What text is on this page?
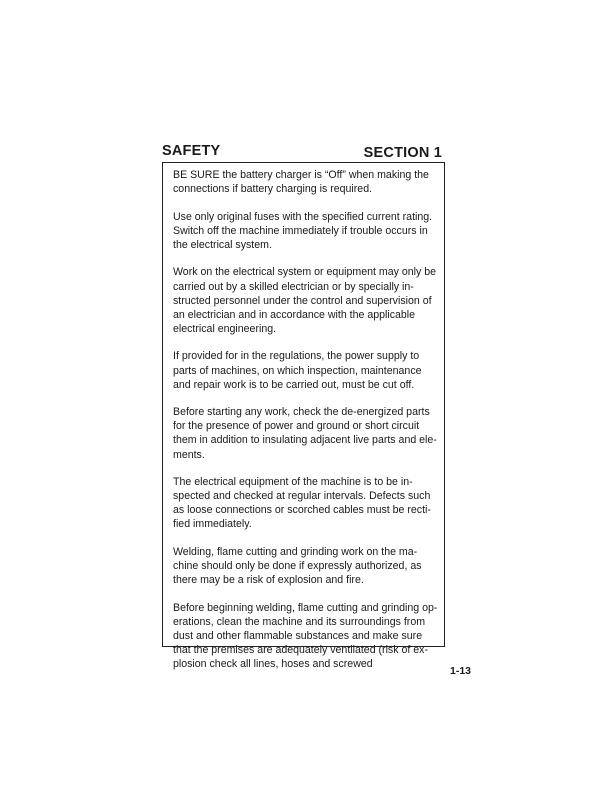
SAFETY	SECTION 1

BE SURE the battery charger is “Off” when making the connections if battery charging is required.

Use only original fuses with the specified current rating. Switch off the machine immediately if trouble occurs in the electrical system.

Work on the electrical system or equipment may only be carried out by a skilled electrician or by specially in-structed personnel under the control and supervision of an electrician and in accordance with the applicable electrical engineering.

If provided for in the regulations, the power supply to parts of machines, on which inspection, maintenance and repair work is to be carried out, must be cut off.

Before starting any work, check the de-energized parts for the presence of power and ground or short circuit them in addition to insulating adjacent live parts and ele-ments.

The electrical equipment of the machine is to be in-spected and checked at regular intervals. Defects such as loose connections or scorched cables must be recti-fied immediately.

Welding, flame cutting and grinding work on the ma-chine should only be done if expressly authorized, as there may be a risk of explosion and fire.

Before beginning welding, flame cutting and grinding op-erations, clean the machine and its surroundings from dust and other flammable substances and make sure that the premises are adequately ventilated (risk of ex-plosion check all lines, hoses and screwed

1-13
